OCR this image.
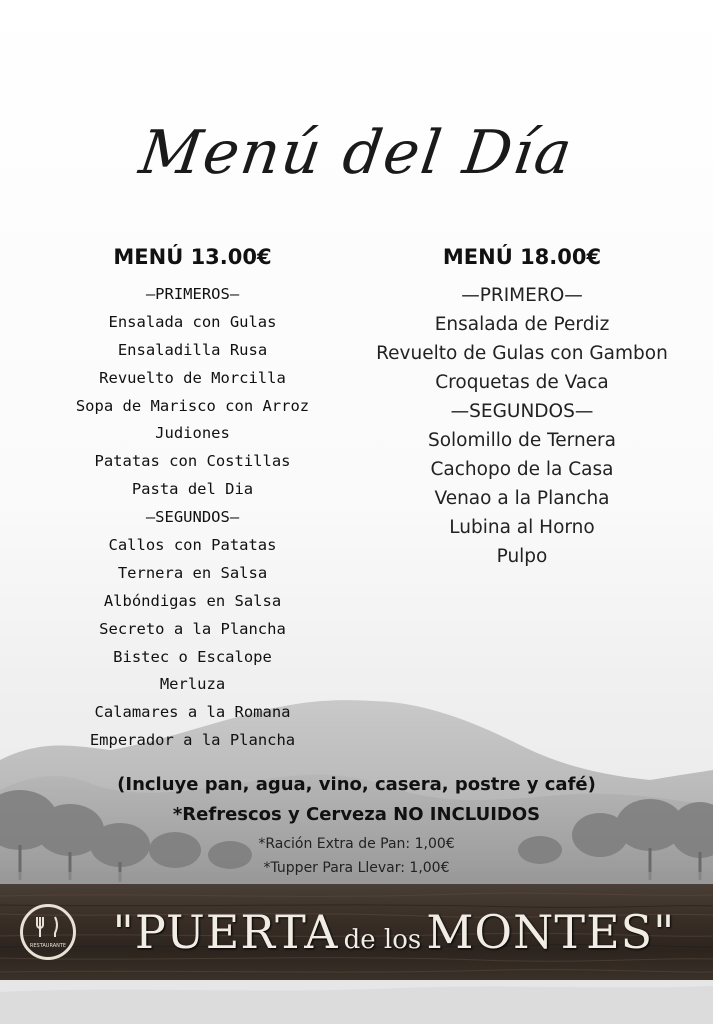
Menú del Día
MENÚ 13.00€
—PRIMEROS—
Ensalada con Gulas
Ensaladilla Rusa
Revuelto de Morcilla
Sopa de Marisco con Arroz
Judiones
Patatas con Costillas
Pasta del Dia
—SEGUNDOS—
Callos con Patatas
Ternera en Salsa
Albóndigas en Salsa
Secreto a la Plancha
Bistec o Escalope
Merluza
Calamares a la Romana
Emperador a la Plancha
MENÚ 18.00€
—PRIMERO—
Ensalada de Perdiz
Revuelto de Gulas con Gambon
Croquetas de Vaca
—SEGUNDOS—
Solomillo de Ternera
Cachopo de la Casa
Venao a la Plancha
Lubina al Horno
Pulpo
(Incluye pan, agua, vino, casera, postre y café)
*Refrescos y Cerveza NO INCLUIDOS
*Ración Extra de Pan: 1,00€
*Tupper Para Llevar: 1,00€
RESTAURANTE	"PUERTA de los MONTES"
